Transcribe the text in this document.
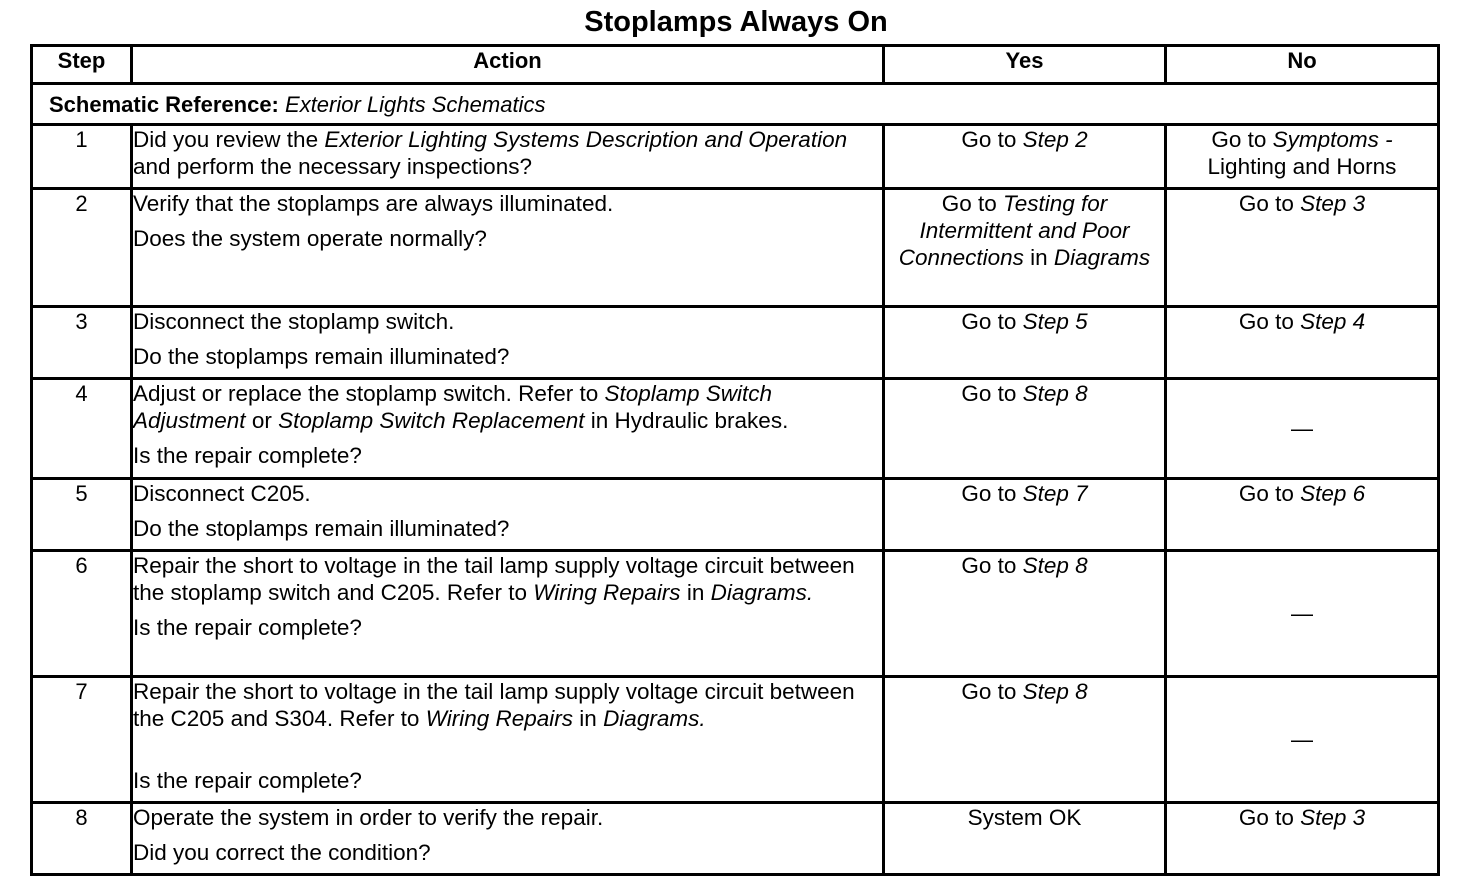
Stoplamps Always On
Step	Action	Yes	No
Schematic Reference: Exterior Lights Schematics			
1	Did you review the Exterior Lighting Systems Description and Operation and perform the necessary inspections?	Go to Step 2	Go to Symptoms -
Lighting and Horns
2	Verify that the stoplamps are always illuminated.
Does the system operate normally?	Go to Testing for Intermittent and Poor Connections in Diagrams	Go to Step 3
3	Disconnect the stoplamp switch.
Do the stoplamps remain illuminated?	Go to Step 5	Go to Step 4
4	Adjust or replace the stoplamp switch. Refer to Stoplamp Switch Adjustment or Stoplamp Switch Replacement in Hydraulic brakes.
Is the repair complete?	Go to Step 8	—
5	Disconnect C205.
Do the stoplamps remain illuminated?	Go to Step 7	Go to Step 6
6	Repair the short to voltage in the tail lamp supply voltage circuit between the stoplamp switch and C205. Refer to Wiring Repairs in Diagrams.
Is the repair complete?	Go to Step 8	—
7	Repair the short to voltage in the tail lamp supply voltage circuit between the C205 and S304. Refer to Wiring Repairs in Diagrams.
Is the repair complete?	Go to Step 8	—
8	Operate the system in order to verify the repair.
Did you correct the condition?	System OK	Go to Step 3
